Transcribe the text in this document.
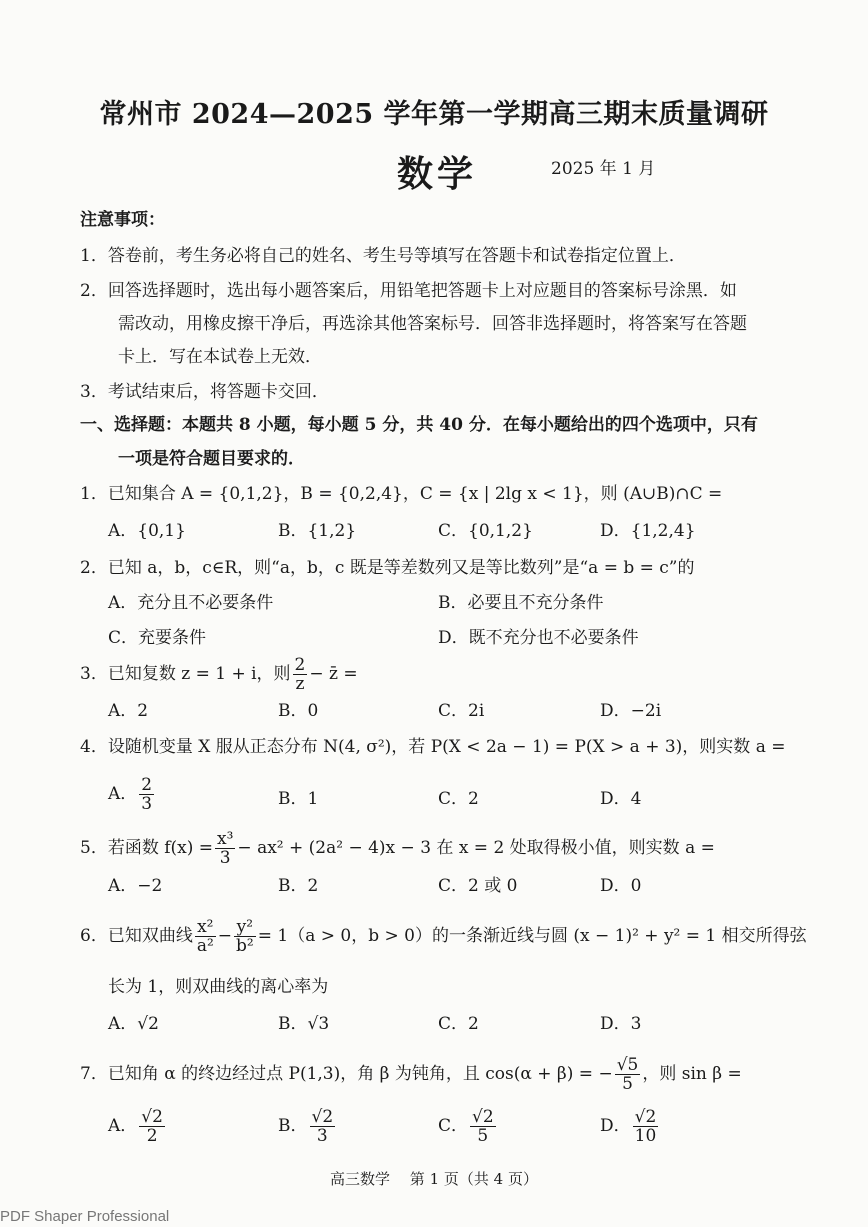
常州市 2024—2025 学年第一学期高三期末质量调研
数学	2025 年 1 月
注意事项：
1．答卷前，考生务必将自己的姓名、考生号等填写在答题卡和试卷指定位置上．
2．回答选择题时，选出每小题答案后，用铅笔把答题卡上对应题目的答案标号涂黑．如
需改动，用橡皮擦干净后，再选涂其他答案标号．回答非选择题时，将答案写在答题
卡上．写在本试卷上无效．
3．考试结束后，将答题卡交回．
一、选择题：本题共 8 小题，每小题 5 分，共 40 分．在每小题给出的四个选项中，只有
一项是符合题目要求的．
1．已知集合 A = {0,1,2}，B = {0,2,4}，C = {x | 2lg x < 1}，则 (A∪B)∩C =
A．{0,1}	B．{1,2}	C．{0,1,2}	D．{1,2,4}
2．已知 a，b，c∈R，则“a，b，c 既是等差数列又是等比数列”是“a = b = c”的
A．充分且不必要条件	B．必要且不充分条件
C．充要条件	D．既不充分也不必要条件
3．已知复数 z = 1 + i，则 $\frac{2}{z}$ − z̄ =
A．2	B．0	C．2i	D．−2i
4．设随机变量 X 服从正态分布 N(4, σ²)，若 P(X < 2a − 1) = P(X > a + 3)，则实数 a =
A． $\frac{2}{3}$	B．1	C．2	D．4
5．若函数 $f(x) = \frac{\text{x³}}{3} - ax^2 + (2a^2 - 4)x - 3$ 在 x = 2 处取得极小值，则实数 a =
A．−2	B．2	C．2 或 0	D．0
6．已知双曲线 $\frac{\text{x²}}{\text{a²}} - \frac{\text{y²}}{\text{b²}} = 1(a > 0$，b > 0）的一条渐近线与圆 (x − 1)² + y² = 1 相交所得弦
长为 1，则双曲线的离心率为
A．√2	B．√3	C．2	D．3
7．已知角 α 的终边经过点 P(1,3)，角 β 为钝角，且 cos(α + β) = − $\frac{√5}{5}$ ，则 sin β =
A． $\frac{√2}{2}$	B． $\frac{√2}{3}$	C． $\frac{√2}{5}$	D． $\frac{√2}{10}$
高三数学　 第 1 页（共 4 页）
PDF Shaper Professional
